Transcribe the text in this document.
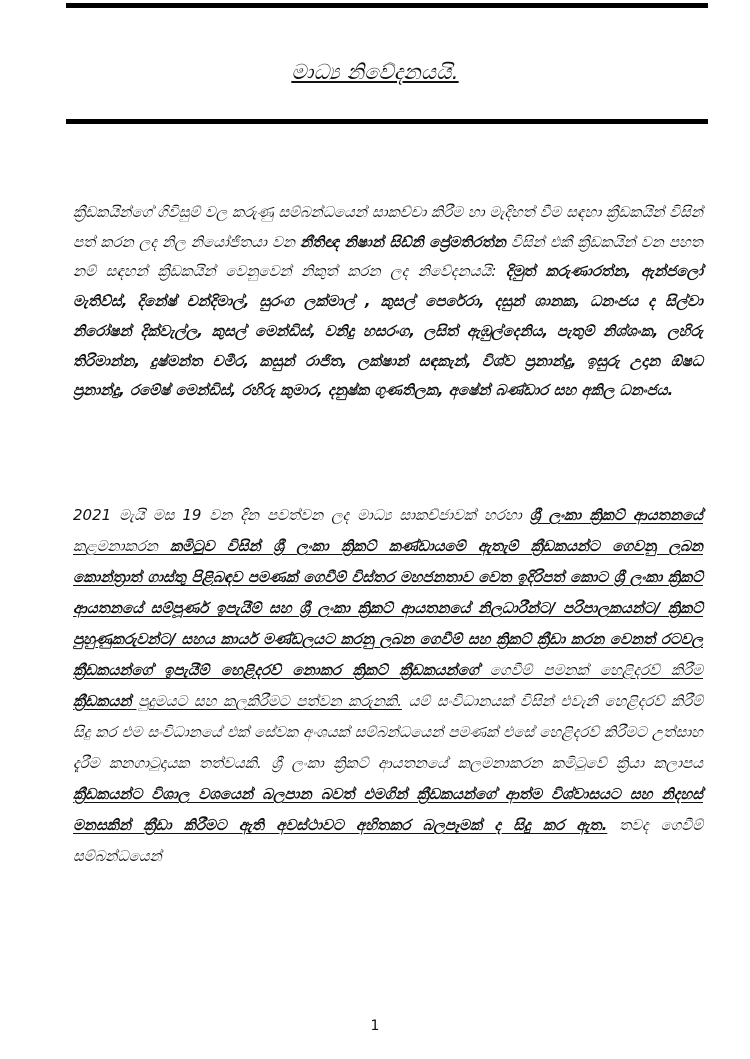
මාධ්‍ය නිවේදනයයි.
ක්‍රීඩකයින්ගේ ගිවිසුම් වල කරුණු සම්බන්ධයෙන් සාකච්චා කිරීම හා මැදිහත් වීම සඳහා ක්‍රීඩකයින් විසින් පත් කරන ලද නිල නියෝජිතයා වන නීතිඥ නිෂාන් සිඩ්නි ප්‍රේමතිරත්න විසින් එකී ක්‍රීඩකයින් වන පහත නම් සඳහන් ක්‍රීඩකයින් වෙනුවෙන් නිකුත් කරන ලද නිවේදනයයි: දිමුත් කරුණාරත්න, ඇන්ජලෝ මැතිව්ස්, දිනේෂ් චන්දිමාල්, සුරංග ලක්මාල් , කුසල් පෙරේරා, දසුන් ශානක, ධනංජය ද සිල්වා නිරෝෂන් දික්වැල්ල, කුසල් මෙන්ඩිස්, වනිදු හසරංග, ලසිත් ඇඹුල්දෙනිය, පැතුම් නිශ්ශංක, ලහිරු තිරිමාන්න, දුෂ්මන්ත චමීර, කසුන් රාජිත, ලක්ෂාන් සඳකැන්, විශ්ව ප්‍රනාන්දු, ඉසුරු උදාන ඕෂධ ප්‍රනාන්දු, රමේෂ් මෙන්ඩිස්, රහිරු කුමාර, දනුෂ්ක ගුණතිලක, අෂේන් බණ්ඩාර සහ අකිල ධනංජය.
2021 මැයි මස 19 වන දින පවත්වන ලද මාධ්‍ය සාකච්ජාවක් හරහා ශ්‍රී ලංකා ක්‍රිකට් ආයතනයේ කළමනාකරන කමිටුව විසින් ශ්‍රී ලංකා ක්‍රිකට් කණ්ඩායමේ ඇතැම් ක්‍රීඩකයන්ට ගෙවනු ලබන කොන්ත්‍රාත් ගාස්තු පිළිබඳව පමණක් ගෙවීම් විස්තර මහජනතාව වෙත ඉදිරිපත් කොට ශ්‍රී ලංකා ක්‍රිකට් ආයතනයේ සම්පූර්ණ ඉපැයීම් සහ ශ්‍රී ලංකා ක්‍රිකට් ආයතනයේ නිලධාරීන්ට/ පරිපාලකයන්ට/ ක්‍රිකට් පුහුණුකරුවන්ට/ සහය කාර්ය මණ්ඩලයට කරනු ලබන ගෙවීම් සහ ක්‍රිකට් ක්‍රීඩා කරන වෙනත් රටවල ක්‍රීඩකයන්ගේ ඉපැයීම් හෙළිදරව් නොකර ක්‍රිකට් ක්‍රීඩකයන්ගේ ගෙවීම් පමනක් හෙළිදරව් කිරීම ක්‍රීඩකයන් පුදුමයට සහ කලකිරීමට පත්වන කරුනකි. යම් සංවිධානයක් විසින් එවැනි හෙළිදරව් කිරීම් සිදු කර එම සංවිධානයේ එක් සේවක අංශයක් සම්බන්ධයෙන් පමණක් එසේ හෙළිදරව් කිරීමට උත්සාහ දැරීම කනගාටුදායක තත්වයකි. ශ්‍රී ලංකා ක්‍රිකට් ආයතනයේ කලමනාකරන කමිටුවේ ක්‍රියා කලාපය ක්‍රීඩකයන්ට විශාල වශයෙන් බලපාන බවත් එමගින් ක්‍රීඩකයන්ගේ ආත්ම විශ්වාසයට සහ නිදහස් මනසකින් ක්‍රීඩා කිරීමට ඇති අවස්ථාවට අහිතකර බලපෑමක් ද සිදු කර ඇත. තවද ගෙවීම් සම්බන්ධයෙන්
1
